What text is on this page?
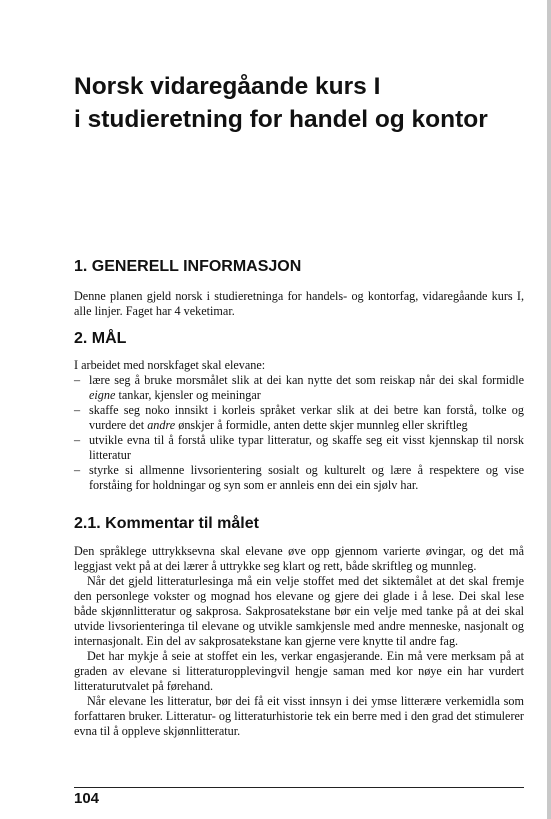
Norsk vidaregåande kurs I
i studieretning for handel og kontor
1. GENERELL INFORMASJON

Denne planen gjeld norsk i studieretninga for handels- og kontorfag, vidaregåande kurs I, alle linjer. Faget har 4 veketimar.

2. MÅL

I arbeidet med norskfaget skal elevane:

– lære seg å bruke morsmålet slik at dei kan nytte det som reiskap når dei skal formidle eigne tankar, kjensler og meiningar
– skaffe seg noko innsikt i korleis språket verkar slik at dei betre kan forstå, tolke og vurdere det andre ønskjer å formidle, anten dette skjer munnleg eller skriftleg
– utvikle evna til å forstå ulike typar litteratur, og skaffe seg eit visst kjennskap til norsk litteratur
– styrke si allmenne livsorientering sosialt og kulturelt og lære å respektere og vise forståing for holdningar og syn som er annleis enn dei ein sjølv har.
2.1. Kommentar til målet

Den språklege uttrykksevna skal elevane øve opp gjennom varierte øvingar, og det må leggjast vekt på at dei lærer å uttrykke seg klart og rett, både skriftleg og munnleg.

Når det gjeld litteraturlesinga må ein velje stoffet med det siktemålet at det skal fremje den personlege vokster og mognad hos elevane og gjere dei glade i å lese. Dei skal lese både skjønnlitteratur og sakprosa. Sakprosatekstane bør ein velje med tanke på at dei skal utvide livsorienteringa til elevane og utvikle samkjensle med andre menneske, nasjonalt og internasjonalt. Ein del av sakprosatekstane kan gjerne vere knytte til andre fag.

Det har mykje å seie at stoffet ein les, verkar engasjerande. Ein må vere merksam på at graden av elevane si litteraturopplevingvil hengje saman med kor nøye ein har vurdert litteraturutvalet på førehand.

Når elevane les litteratur, bør dei få eit visst innsyn i dei ymse litterære verkemidla som forfattaren bruker. Litteratur- og litteraturhistorie tek ein berre med i den grad det stimulerer evna til å oppleve skjønnlitteratur.

104
